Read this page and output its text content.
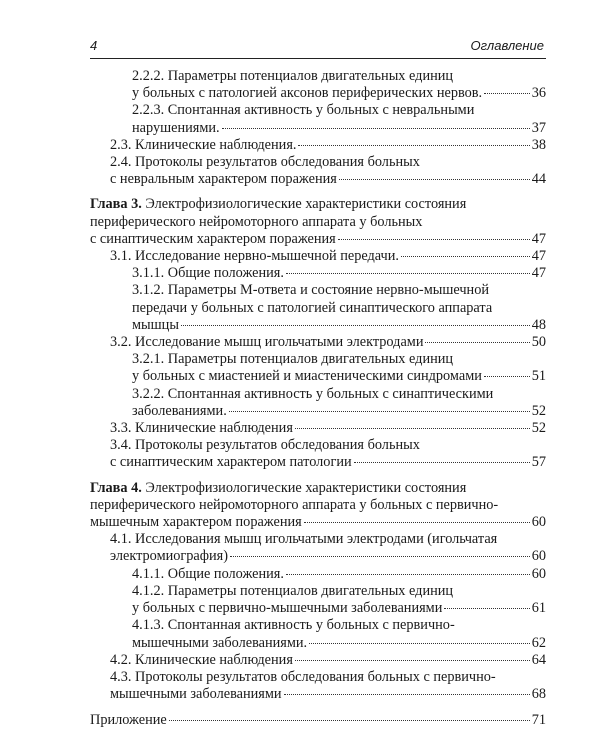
4	Оглавление
2.2.2. Параметры потенциалов двигательных единиц
у больных с патологией аксонов периферических нервов.	36
2.2.3. Спонтанная активность у больных с невральными
нарушениями.	37
2.3. Клинические наблюдения.	38
2.4. Протоколы результатов обследования больных
с невральным характером поражения	44
Глава 3. Электрофизиологические характеристики состояния
периферического нейромоторного аппарата у больных
с синаптическим характером поражения	47
3.1. Исследование нервно-мышечной передачи.	47
3.1.1. Общие положения.	47
3.1.2. Параметры М-ответа и состояние нервно-мышечной
передачи у больных с патологией синаптического аппарата
мышцы	48
3.2. Исследование мышц игольчатыми электродами	50
3.2.1. Параметры потенциалов двигательных единиц
у больных с миастенией и миастеническими синдромами	51
3.2.2. Спонтанная активность у больных с синаптическими
заболеваниями.	52
3.3. Клинические наблюдения	52
3.4. Протоколы результатов обследования больных
с синаптическим характером патологии	57
Глава 4. Электрофизиологические характеристики состояния
периферического нейромоторного аппарата у больных с первично-
мышечным характером поражения	60
4.1. Исследования мышц игольчатыми электродами (игольчатая
электромиография)	60
4.1.1. Общие положения.	60
4.1.2. Параметры потенциалов двигательных единиц
у больных с первично-мышечными заболеваниями	61
4.1.3. Спонтанная активность у больных с первично-
мышечными заболеваниями.	62
4.2. Клинические наблюдения	64
4.3. Протоколы результатов обследования больных с первично-
мышечными заболеваниями	68
Приложение	71
